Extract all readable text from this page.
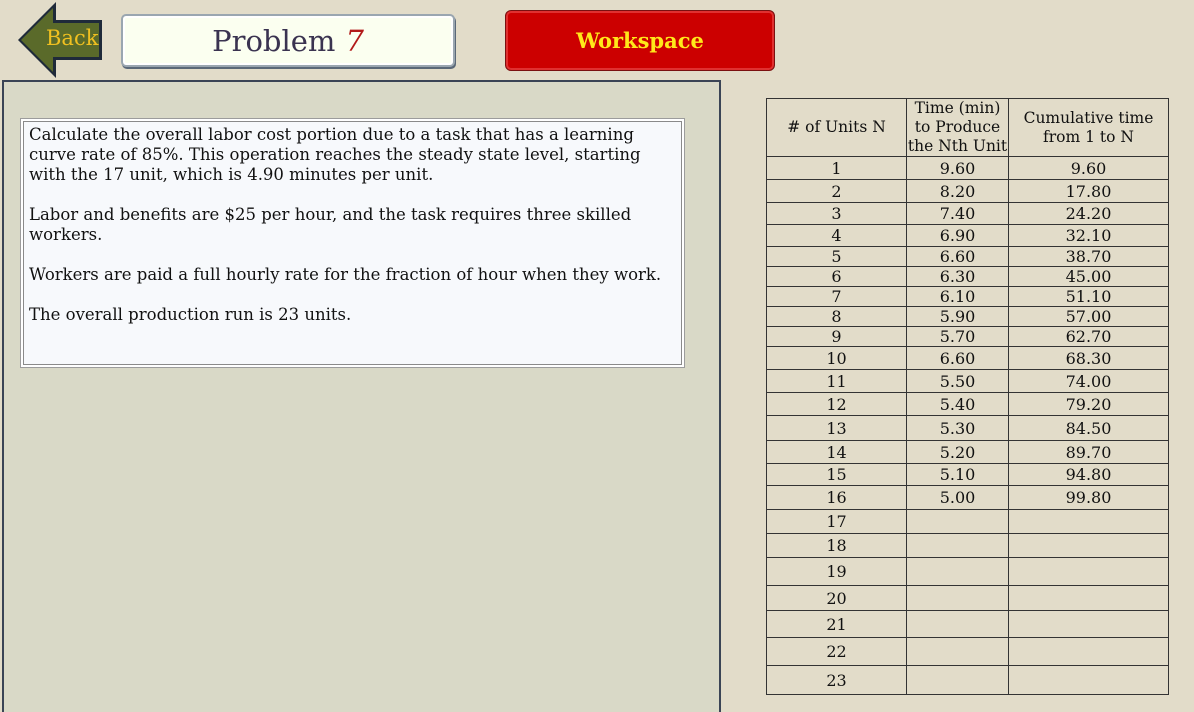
Back	Problem 7	Workspace

Calculate the overall labor cost portion due to a task that has a learning curve rate of 85%. This operation reaches the steady state level, starting with the 17 unit, which is 4.90 minutes per unit.

Labor and benefits are $25 per hour, and the task requires three skilled workers.

Workers are paid a full hourly rate for the fraction of hour when they work.

The overall production run is 23 units.

# of Units N	Time (min) to Produce the Nth Unit	Cumulative time from 1 to N
1	9.60	9.60
2	8.20	17.80
3	7.40	24.20
4	6.90	32.10
5	6.60	38.70
6	6.30	45.00
7	6.10	51.10
8	5.90	57.00
9	5.70	62.70
10	6.60	68.30
11	5.50	74.00
12	5.40	79.20
13	5.30	84.50
14	5.20	89.70
15	5.10	94.80
16	5.00	99.80
17		
18		
19		
20		
21		
22		
23		
